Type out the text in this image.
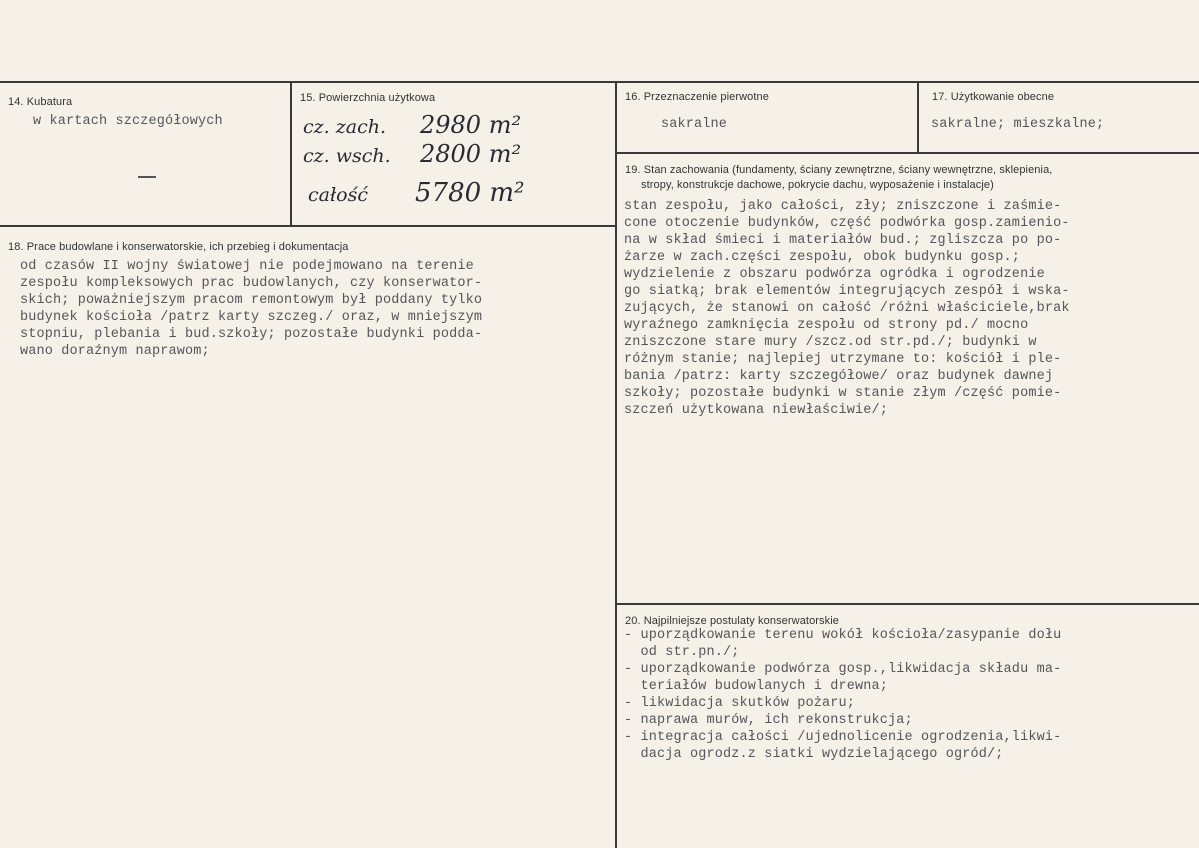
14. Kubatura
w kartach szczegółowych
15. Powierzchnia użytkowa
cz. zach. 2980 m²
cz. wsch. 2800 m²
całość 5780 m²
16. Przeznaczenie pierwotne
sakralne
17. Użytkowanie obecne
sakralne; mieszkalne;
18. Prace budowlane i konserwatorskie, ich przebieg i dokumentacja
od czasów II wojny światowej nie podejmowano na terenie
zespołu kompleksowych prac budowlanych, czy konserwator-
skich; poważniejszym pracom remontowym był poddany tylko
budynek kościoła /patrz karty szczeg./ oraz, w mniejszym
stopniu, plebania i bud.szkoły; pozostałe budynki podda-
wano doraźnym naprawom;
19. Stan zachowania (fundamenty, ściany zewnętrzne, ściany wewnętrzne, sklepienia,
stropy, konstrukcje dachowe, pokrycie dachu, wyposażenie i instalacje)
stan zespołu, jako całości, zły; zniszczone i zaśmie-
cone otoczenie budynków, część podwórka gosp.zamienio-
na w skład śmieci i materiałów bud.; zgliszcza po po-
żarze w zach.części zespołu, obok budynku gosp.;
wydzielenie z obszaru podwórza ogródka i ogrodzenie
go siatką; brak elementów integrujących zespół i wska-
zujących, że stanowi on całość /różni właściciele,brak
wyraźnego zamknięcia zespołu od strony pd./ mocno
zniszczone stare mury /szcz.od str.pd./; budynki w
różnym stanie; najlepiej utrzymane to: kościół i ple-
bania /patrz: karty szczegółowe/ oraz budynek dawnej
szkoły; pozostałe budynki w stanie złym /część pomie-
szczeń użytkowana niewłaściwie/;
20. Najpilniejsze postulaty konserwatorskie
- uporządkowanie terenu wokół kościoła/zasypanie dołu
od str.pn./;
- uporządkowanie podwórza gosp.,likwidacja składu ma-
teriałów budowlanych i drewna;
- likwidacja skutków pożaru;
- naprawa murów, ich rekonstrukcja;
- integracja całości /ujednolicenie ogrodzenia,likwi-
dacja ogrodz.z siatki wydzielającego ogród/;
